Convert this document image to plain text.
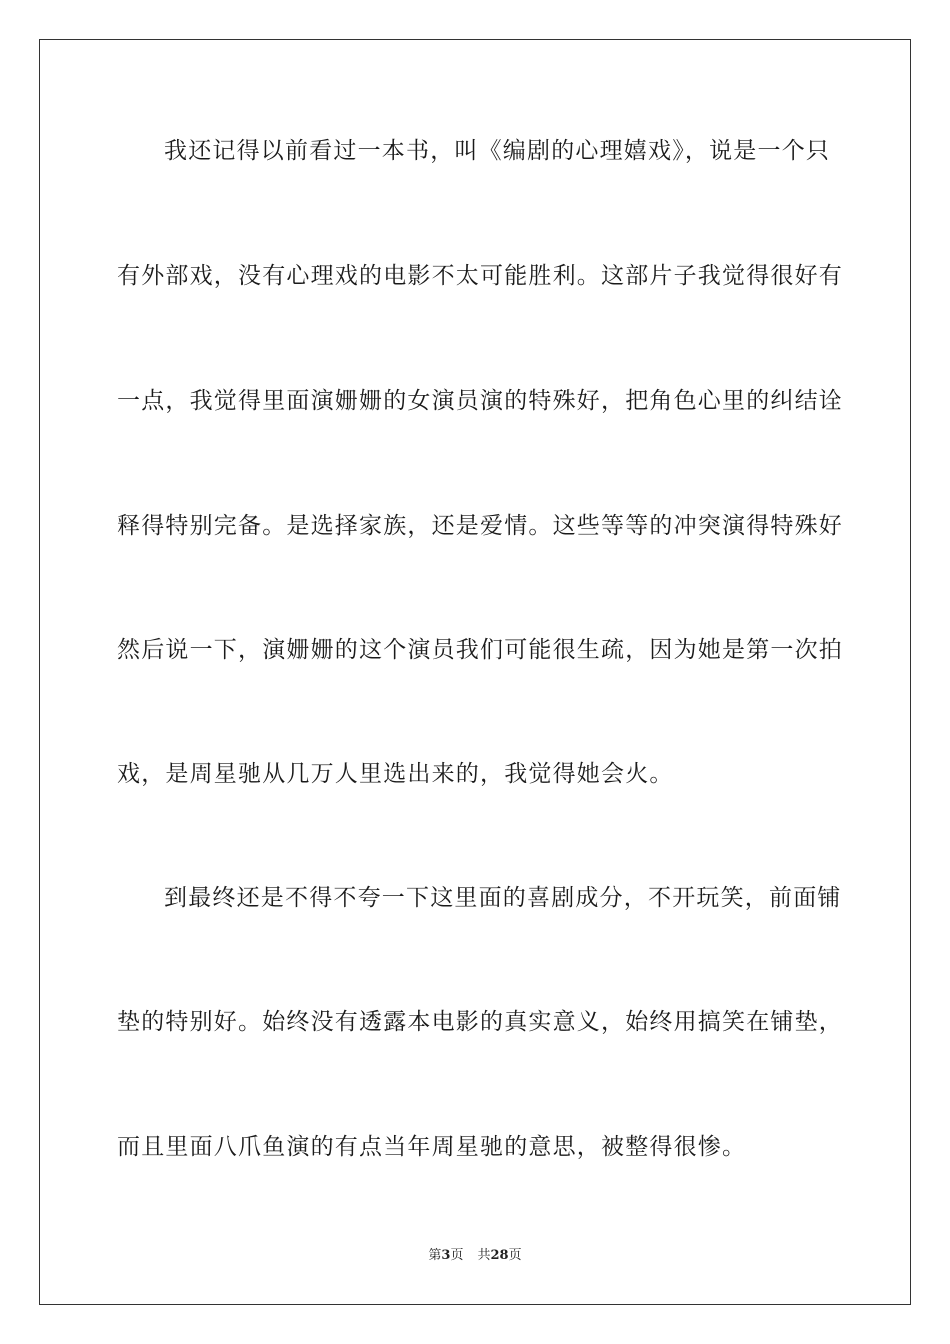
我还记得以前看过一本书，叫《编剧的心理嬉戏》，说是一个只
有外部戏，没有心理戏的电影不太可能胜利。这部片子我觉得很好有
一点，我觉得里面演姗姗的女演员演的特殊好，把角色心里的纠结诠
释得特别完备。是选择家族，还是爱情。这些等等的冲突演得特殊好
然后说一下，演姗姗的这个演员我们可能很生疏，因为她是第一次拍
戏，是周星驰从几万人里选出来的，我觉得她会火。
到最终还是不得不夸一下这里面的喜剧成分，不开玩笑，前面铺
垫的特别好。始终没有透露本电影的真实意义，始终用搞笑在铺垫，
而且里面八爪鱼演的有点当年周星驰的意思，被整得很惨。
第3页 共28页
